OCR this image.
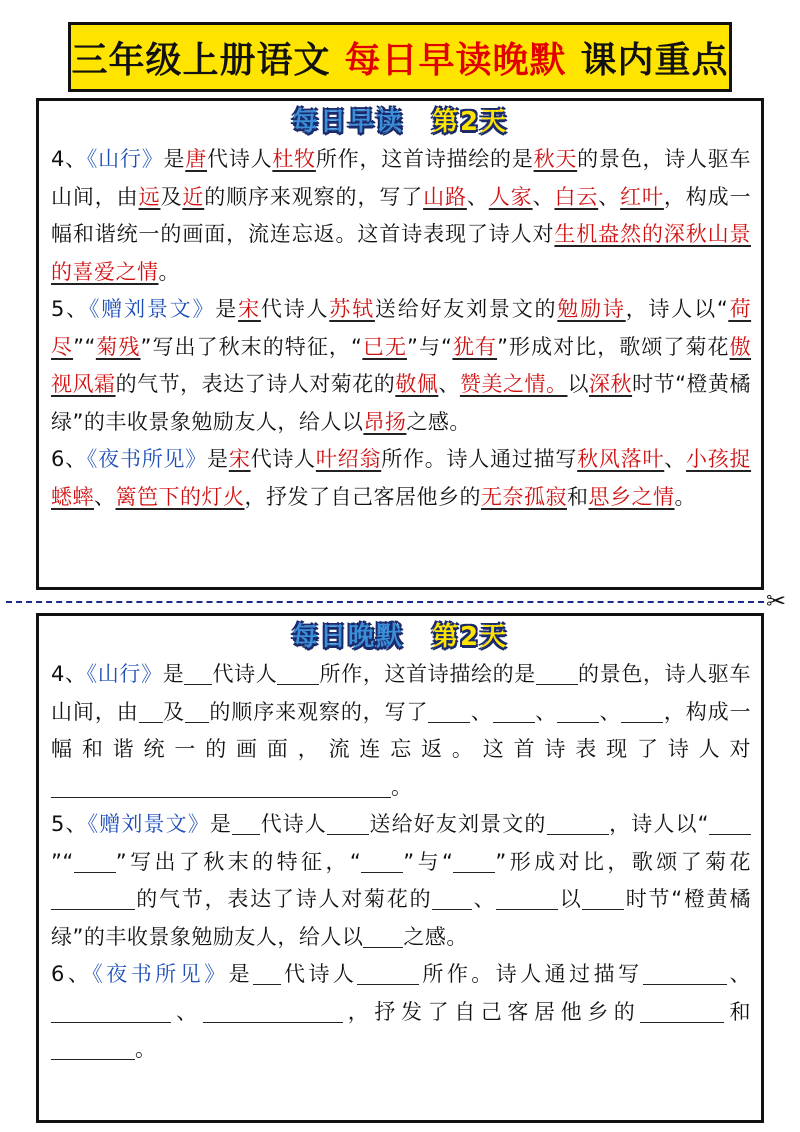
三年级上册语文 每日早读晚默 课内重点
每日早读 第2天
4、《山行》是唐代诗人杜牧所作，这首诗描绘的是秋天的景色，诗人驱车山间，由远及近的顺序来观察的，写了山路、人家、白云、红叶，构成一幅和谐统一的画面，流连忘返。这首诗表现了诗人对生机盎然的深秋山景的喜爱之情。
5、《赠刘景文》是宋代诗人苏轼送给好友刘景文的勉励诗，诗人以“荷尽”“菊残”写出了秋末的特征，“已无”与“犹有”形成对比，歌颂了菊花傲视风霜的气节，表达了诗人对菊花的敬佩、赞美之情。以深秋时节“橙黄橘绿”的丰收景象勉励友人，给人以昂扬之感。
6、《夜书所见》是宋代诗人叶绍翁所作。诗人通过描写秋风落叶、小孩捉蟋蟀、篱笆下的灯火，抒发了自己客居他乡的无奈孤寂和思乡之情。
✂
每日晚默 第2天
4、《山行》是 代诗人 所作，这首诗描绘的是 的景色，诗人驱车山间，由 及 的顺序来观察的，写了 、 、 、 ，构成一幅和谐统一的画面，流连忘返。这首诗表现了诗人对。
5、《赠刘景文》是 代诗人 送给好友刘景文的	，诗人以“”“ ”写出了秋末的特征，“ ”与“ ”形成对比，歌颂了菊花的气节，表达了诗人对菊花的 、	以 时节“橙黄橘绿”的丰收景象勉励友人，给人以 之感。
6、《夜书所见》是 代诗人	所作。诗人通过描写	、、	，抒发了自己客居他乡的	和。
